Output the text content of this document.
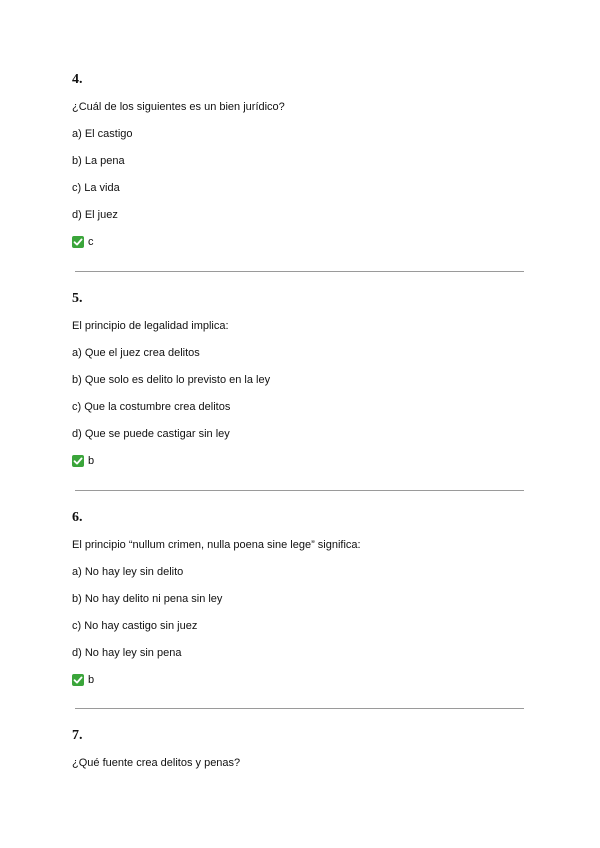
4.
¿Cuál de los siguientes es un bien jurídico?
a) El castigo
b) La pena
c) La vida
d) El juez
c
5.
El principio de legalidad implica:
a) Que el juez crea delitos
b) Que solo es delito lo previsto en la ley
c) Que la costumbre crea delitos
d) Que se puede castigar sin ley
b
6.
El principio “nullum crimen, nulla poena sine lege” significa:
a) No hay ley sin delito
b) No hay delito ni pena sin ley
c) No hay castigo sin juez
d) No hay ley sin pena
b
7.
¿Qué fuente crea delitos y penas?
